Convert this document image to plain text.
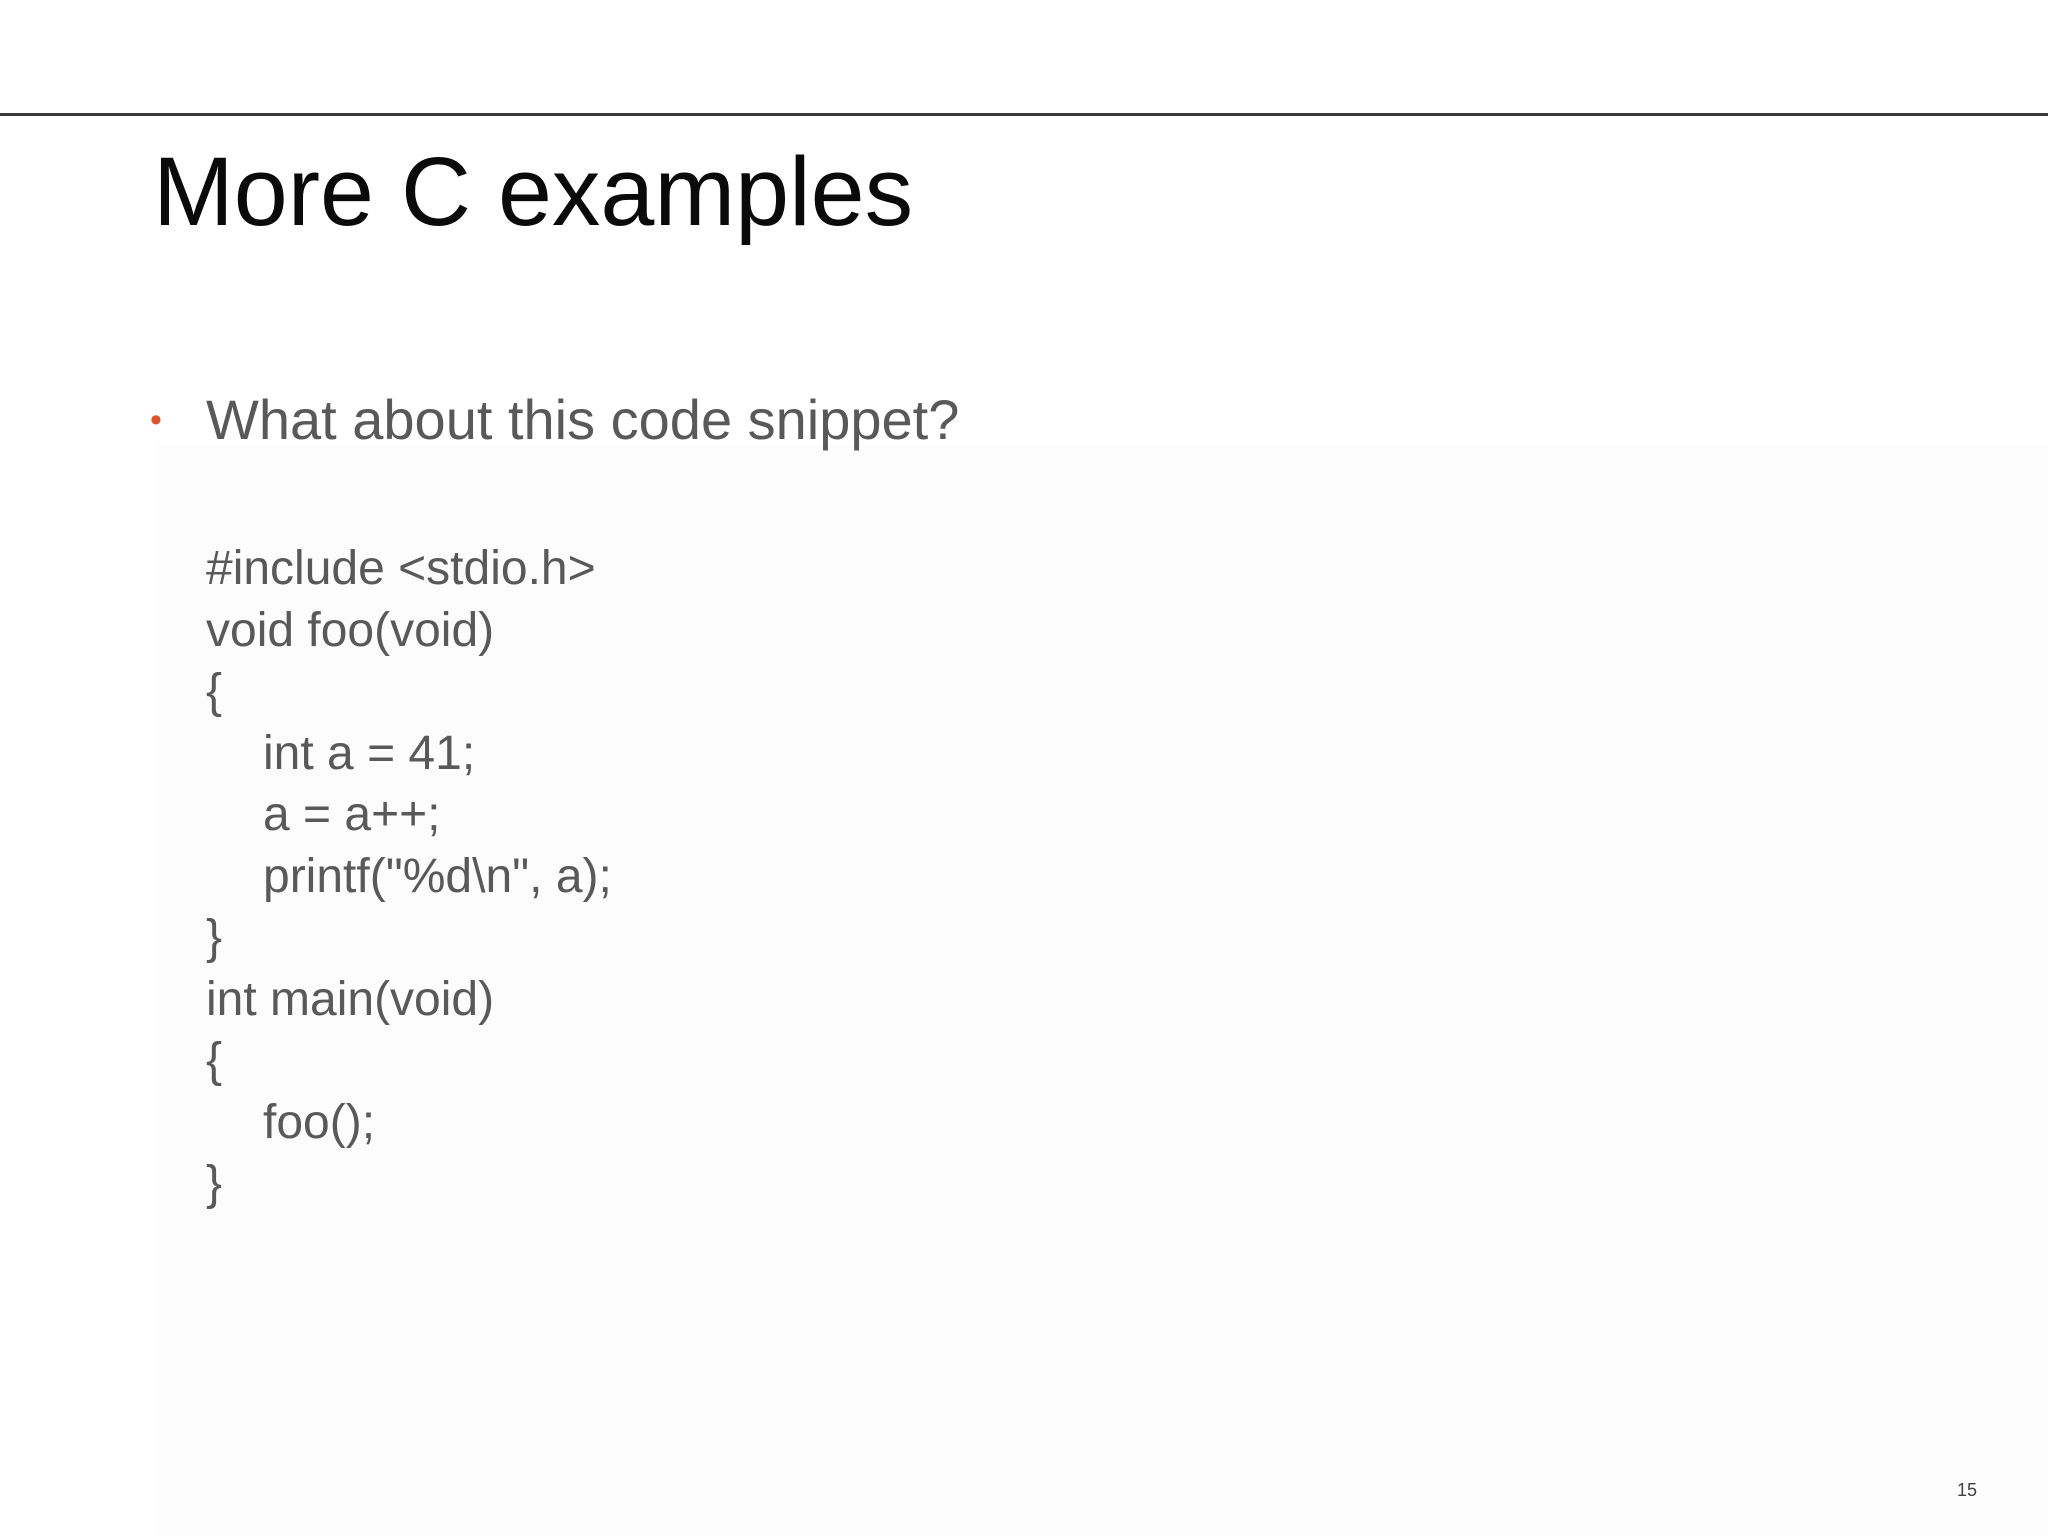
More C examples
• What about this code snippet?
#include <stdio.h>
void foo(void)
{
int a = 41;
a = a++;
printf("%d\n", a);
}
int main(void)
{
foo();
}
15
